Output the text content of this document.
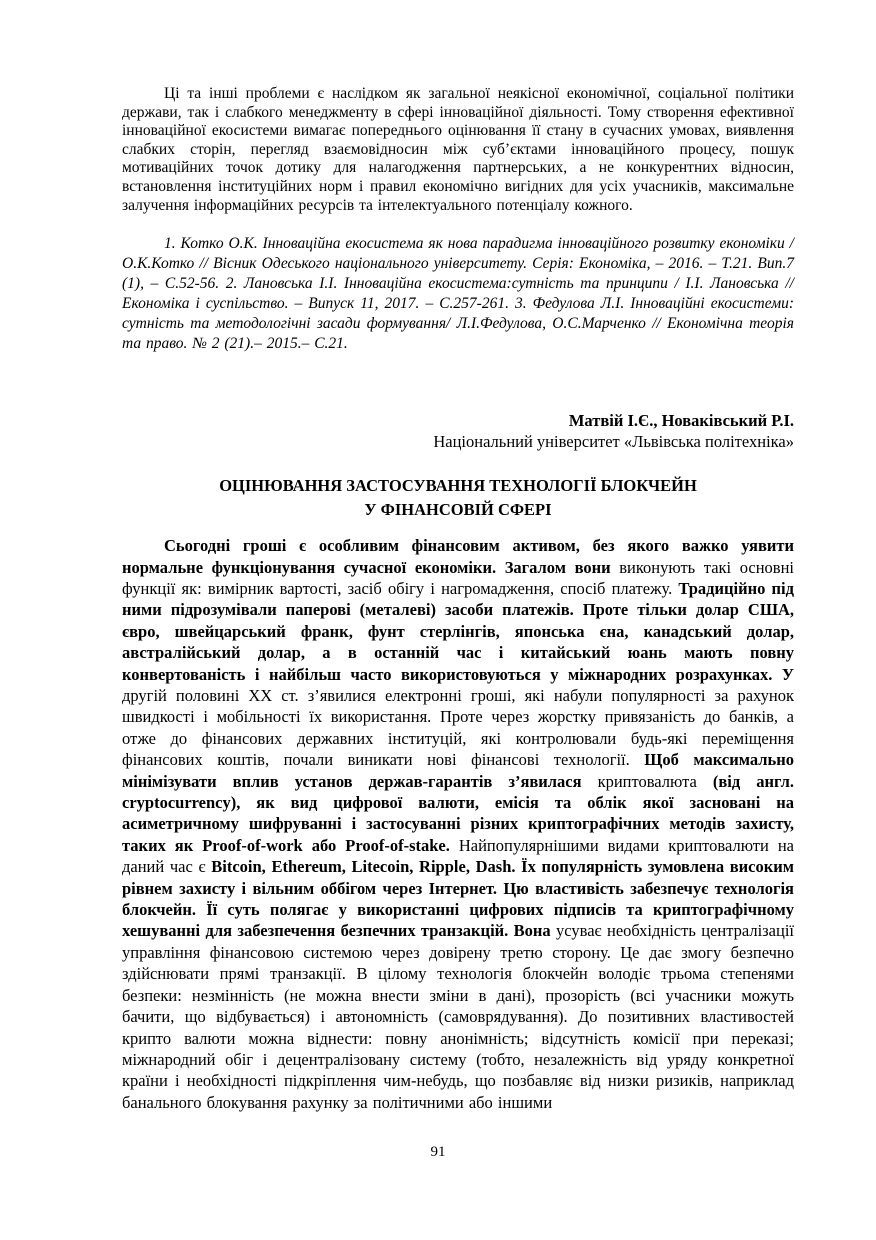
Ці та інші проблеми є наслідком як загальної неякісної економічної, соціальної політики держави, так і слабкого менеджменту в сфері інноваційної діяльності. Тому створення ефективної інноваційної екосистеми вимагає попереднього оцінювання її стану в сучасних умовах, виявлення слабких сторін, перегляд взаємовідносин між суб’єктами інноваційного процесу, пошук мотиваційних точок дотику для налагодження партнерських, а не конкурентних відносин, встановлення інституційних норм і правил економічно вигідних для усіх учасників, максимальне залучення інформаційних ресурсів та інтелектуального потенціалу кожного.

1. Котко О.К. Інноваційна екосистема як нова парадигма інноваційного розвитку економіки / О.К.Котко // Вісник Одеського національного університету. Серія: Економіка, – 2016. – Т.21. Вип.7 (1), – С.52-56. 2. Лановська І.І. Інноваційна екосистема:сутність та принципи / І.І. Лановська // Економіка і суспільство. – Випуск 11, 2017. – С.257-261. 3. Федулова Л.І. Інноваційні екосистеми: сутність та методологічні засади формування/ Л.І.Федулова, О.С.Марченко // Економічна теорія та право. № 2 (21).– 2015.– С.21.

Матвій І.Є., Новаківський Р.І.
Національний університет «Львівська політехніка»
ОЦІНЮВАННЯ ЗАСТОСУВАННЯ ТЕХНОЛОГІЇ БЛОКЧЕЙН
У ФІНАНСОВІЙ СФЕРІ

Сьогодні гроші є особливим фінансовим активом, без якого важко уявити нормальне функціонування сучасної економіки. Загалом вони виконують такі основні функції як: вимірник вартості, засіб обігу і нагромадження, спосіб платежу. Традиційно під ними підрозумівали паперові (металеві) засоби платежів. Проте тільки долар США, євро, швейцарський франк, фунт стерлінгів, японська єна, канадський долар, австралійський долар, а в останній час і китайський юань мають повну конвертованість і найбільш часто використовуються у міжнародних розрахунках. У другій половині XX ст. з’явилися електронні гроші, які набули популярності за рахунок швидкості і мобільності їх використання. Проте через жорстку привязаність до банків, а отже до фінансових державних інституцій, які контролювали будь-які переміщення фінансових коштів, почали виникати нові фінансові технології. Щоб максимально мінімізувати вплив установ держав-гарантів з’явилася криптовалюта (від англ. cryptocurrency), як вид цифрової валюти, емісія та облік якої засновані на асиметричному шифруванні і застосуванні різних криптографічних методів захисту, таких як Proof-of-work або Proof-of-stake. Найпопулярнішими видами криптовалюти на даний час є Bitcoin, Ethereum, Litecoin, Ripple, Dash. Їх популярність зумовлена високим рівнем захисту і вільним оббігом через Інтернет. Цю властивість забезпечує технологія блокчейн. Її суть полягає у використанні цифрових підписів та криптографічному хешуванні для забезпечення безпечних транзакцій. Вона усуває необхідність централізації управління фінансовою системою через довірену третю сторону. Це дає змогу безпечно здійснювати прямі транзакції. В цілому технологія блокчейн володіє трьома степенями безпеки: незмінність (не можна внести зміни в дані), прозорість (всі учасники можуть бачити, що відбувається) і автономність (самоврядування). До позитивних властивостей крипто валюти можна віднести: повну анонімність; відсутність комісії при переказі; міжнародний обіг і децентралізовану систему (тобто, незалежність від уряду конкретної країни і необхідності підкріплення чим-небудь, що позбавляє від низки ризиків, наприклад банального блокування рахунку за політичними або іншими

91
